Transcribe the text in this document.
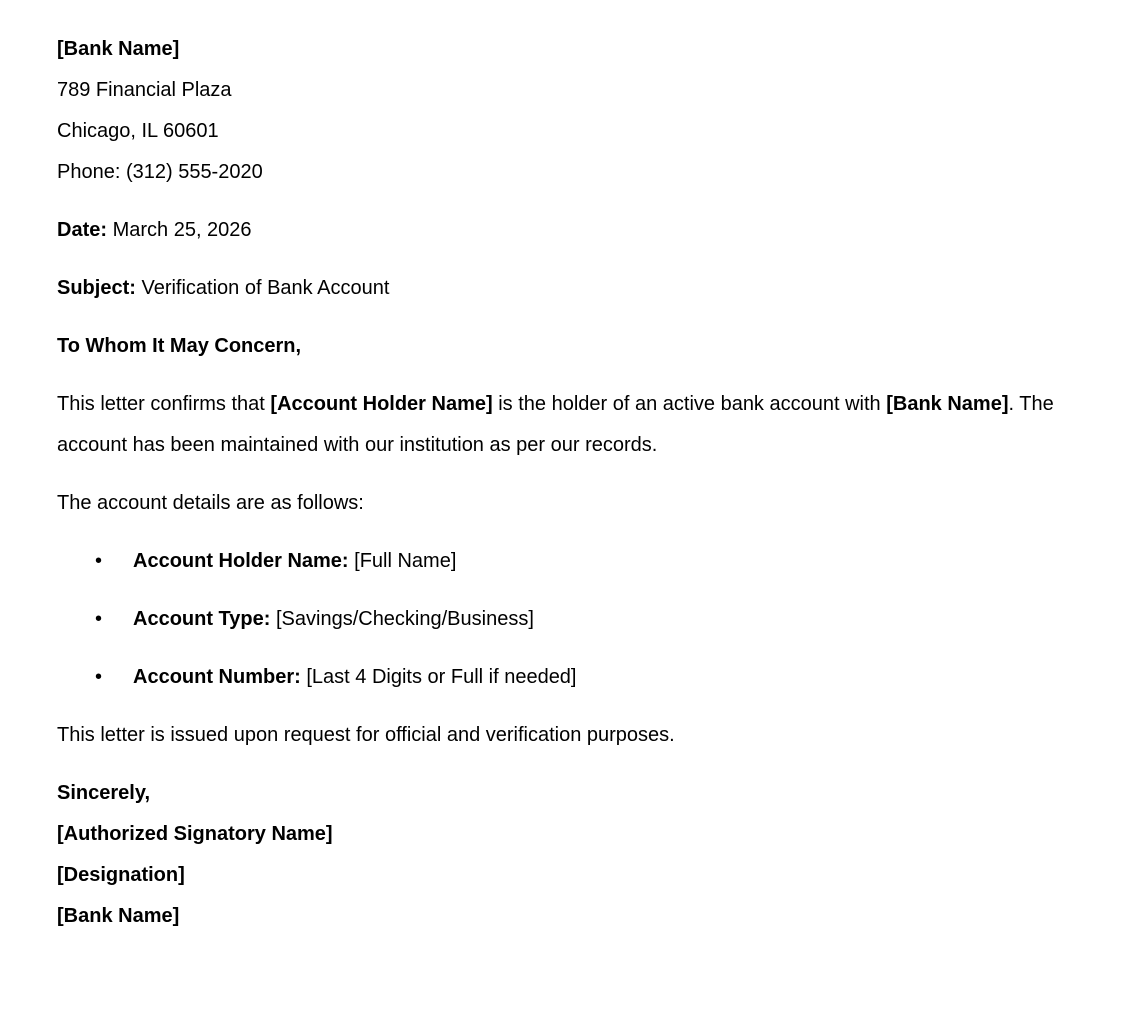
[Bank Name]
789 Financial Plaza
Chicago, IL 60601
Phone: (312) 555-2020

Date: March 25, 2026

Subject: Verification of Bank Account

To Whom It May Concern,

This letter confirms that [Account Holder Name] is the holder of an active bank account with [Bank Name]. The account has been maintained with our institution as per our records.

The account details are as follows:

• Account Holder Name: [Full Name]
• Account Type: [Savings/Checking/Business]
• Account Number: [Last 4 Digits or Full if needed]

This letter is issued upon request for official and verification purposes.

Sincerely,
[Authorized Signatory Name]
[Designation]
[Bank Name]
